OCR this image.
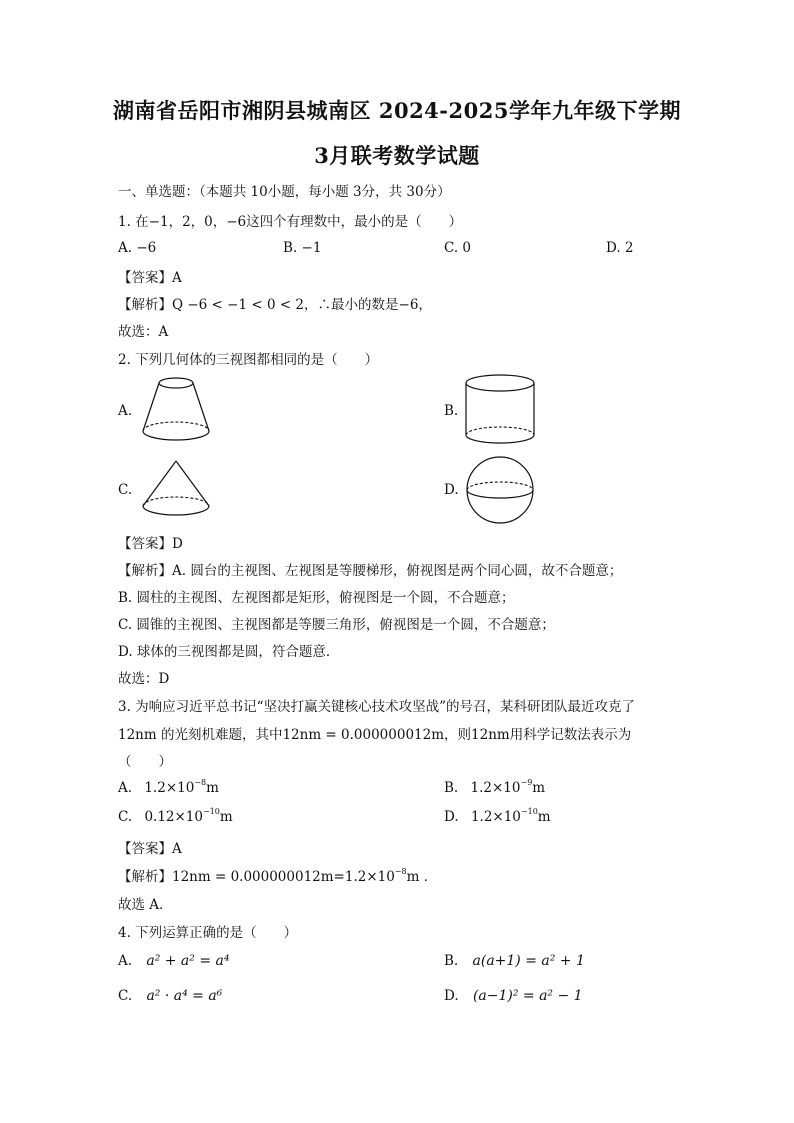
湖南省岳阳市湘阴县城南区 2024-2025学年九年级下学期
3月联考数学试题
一、单选题：（本题共 10小题，每小题 3分，共 30分）
1. 在−1，2，0，−6这四个有理数中，最小的是（　　）
A. −6	B. −1	C. 0	D. 2
【答案】A
【解析】Q −6 < −1 < 0 < 2，∴最小的数是−6，
故选：A
2. 下列几何体的三视图都相同的是（　　）
A.	B.
C.	D.
【答案】D
【解析】A. 圆台的主视图、左视图是等腰梯形，俯视图是两个同心圆，故不合题意；
B. 圆柱的主视图、左视图都是矩形，俯视图是一个圆，不合题意；
C. 圆锥的主视图、主视图都是等腰三角形，俯视图是一个圆，不合题意；
D. 球体的三视图都是圆，符合题意．
故选：D
3. 为响应习近平总书记“坚决打赢关键核心技术攻坚战”的号召，某科研团队最近攻克了
12nm 的光刻机难题，其中12nm = 0.000000012m，则12nm用科学记数法表示为
（　　）
A. $1.2\times 10^{-8}m$	B. $1.2\times 10^{-9}m$
C. $0.12\times 10^{-10}m$	D. $1.2\times 10^{-10}m$
【答案】A
【解析】$12nm = 0.000000012m=1.2\times 10^{-8}m$ ．
故选 A．
4. 下列运算正确的是（　　）
A. a² + a² = a⁴	B. a(a+1) = a² + 1
C. a² · a⁴ = a⁶	D. (a−1)² = a² − 1
